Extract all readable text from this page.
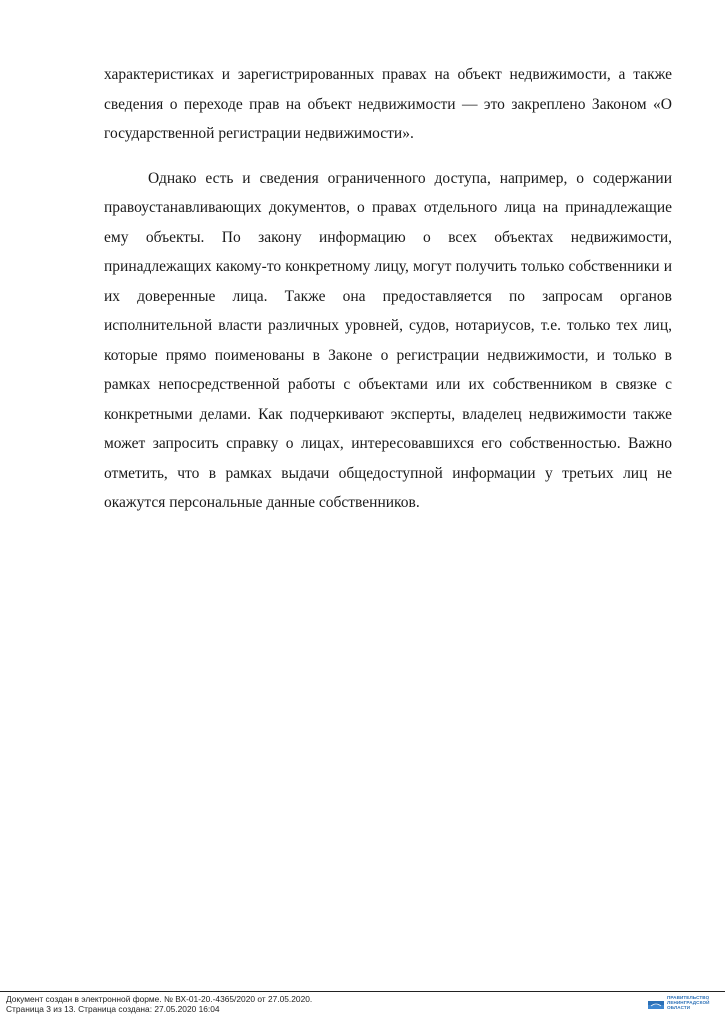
характеристиках и зарегистрированных правах на объект недвижимости, а также сведения о переходе прав на объект недвижимости — это закреплено Законом «О государственной регистрации недвижимости».

Однако есть и сведения ограниченного доступа, например, о содержании правоустанавливающих документов, о правах отдельного лица на принадлежащие ему объекты. По закону информацию о всех объектах недвижимости, принадлежащих какому-то конкретному лицу, могут получить только собственники и их доверенные лица. Также она предоставляется по запросам органов исполнительной власти различных уровней, судов, нотариусов, т.е. только тех лиц, которые прямо поименованы в Законе о регистрации недвижимости, и только в рамках непосредственной работы с объектами или их собственником в связке с конкретными делами. Как подчеркивают эксперты, владелец недвижимости также может запросить справку о лицах, интересовавшихся его собственностью. Важно отметить, что в рамках выдачи общедоступной информации у третьих лиц не окажутся персональные данные собственников.

Документ создан в электронной форме. № ВХ-01-20.-4365/2020 от 27.05.2020.
Страница 3 из 13. Страница создана: 27.05.2020 16:04
ПРАВИТЕЛЬСТВО
ЛЕНИНГРАДСКОЙ
ОБЛАСТИ
